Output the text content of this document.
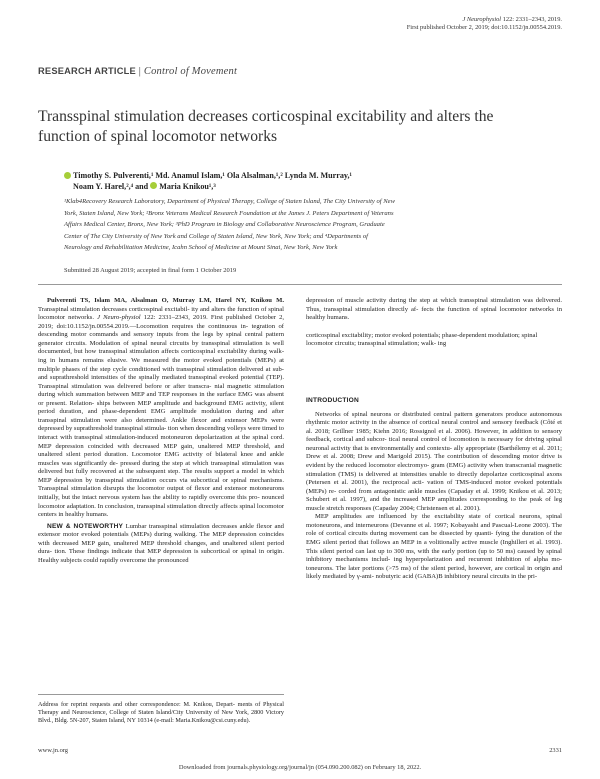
J Neurophysiol 122: 2331–2343, 2019.
First published October 2, 2019; doi:10.1152/jn.00554.2019.
RESEARCH ARTICLE | Control of Movement
Transspinal stimulation decreases corticospinal excitability and alters the function of spinal locomotor networks
Timothy S. Pulverenti,¹ Md. Anamul Islam,¹ Ola Alsalman,¹,² Lynda M. Murray,¹
Noam Y. Harel,²,⁴ and Maria Knikou¹,³
¹Klab4Recovery Research Laboratory, Department of Physical Therapy, College of Staten Island, The City University of New
York, Staten Island, New York; ²Bronx Veterans Medical Research Foundation at the James J. Peters Department of Veterans
Affairs Medical Center, Bronx, New York; ³PhD Program in Biology and Collaborative Neuroscience Program, Graduate
Center of The City University of New York and College of Staten Island, New York, New York; and ⁴Departments of
Neurology and Rehabilitation Medicine, Icahn School of Medicine at Mount Sinai, New York, New York
Submitted 28 August 2019; accepted in final form 1 October 2019

Pulverenti TS, Islam MA, Alsalman O, Murray LM, Harel NY, Knikou M. Transspinal stimulation decreases corticospinal excitabil- ity and alters the function of spinal locomotor networks. J Neuro-physiol 122: 2331–2343, 2019. First published October 2, 2019; doi:10.1152/jn.00554.2019.—Locomotion requires the continuous in- tegration of descending motor commands and sensory inputs from the legs by spinal central pattern generator circuits. Modulation of spinal neural circuits by transspinal stimulation is well documented, but how transspinal stimulation affects corticospinal excitability during walk- ing in humans remains elusive. We measured the motor evoked potentials (MEPs) at multiple phases of the step cycle conditioned with transspinal stimulation delivered at sub- and suprathreshold intensities of the spinally mediated transspinal evoked potential (TEP). Transspinal stimulation was delivered before or after transcra- nial magnetic stimulation during which summation between MEP and TEP responses in the surface EMG was absent or present. Relation- ships between MEP amplitude and background EMG activity, silent period duration, and phase-dependent EMG amplitude modulation during and after transspinal stimulation were also determined. Ankle flexor and extensor MEPs were depressed by suprathreshold transspinal stimula- tion when descending volleys were timed to interact with transspinal stimulation-induced motoneuron depolarization at the spinal cord. MEP depression coincided with decreased MEP gain, unaltered MEP threshold, and unaltered silent period duration. Locomotor EMG activity of bilateral knee and ankle muscles was significantly de- pressed during the step at which transspinal stimulation was delivered but fully recovered at the subsequent step. The results support a model in which MEP depression by transspinal stimulation occurs via subcortical or spinal mechanisms. Transspinal stimulation disrupts the locomotor output of flexor and extensor motoneurons initially, but the intact nervous system has the ability to rapidly overcome this pro- nounced locomotor adaptation. In conclusion, transspinal stimulation directly affects spinal locomotor centers in healthy humans.

NEW & NOTEWORTHY Lumbar transspinal stimulation decreases ankle flexor and extensor motor evoked potentials (MEPs) during walking. The MEP depression coincides with decreased MEP gain, unaltered MEP threshold changes, and unaltered silent period dura- tion. These findings indicate that MEP depression is subcortical or spinal in origin. Healthy subjects could rapidly overcome the pronounced

Address for reprint requests and other correspondence: M. Knikou, Depart- ments of Physical Therapy and Neuroscience, College of Staten Island/City University of New York, 2800 Victory Blvd., Bldg. 5N-207, Staten Island, NY 10314 (e-mail: Maria.Knikou@csi.cuny.edu).

depression of muscle activity during the step at which transspinal stimulation was delivered. Thus, transspinal stimulation directly af- fects the function of spinal locomotor networks in healthy humans.

corticospinal excitability; motor evoked potentials; phase-dependent modulation; spinal locomotor circuits; transspinal stimulation; walk- ing

INTRODUCTION

Networks of spinal neurons or distributed central pattern generators produce autonomous rhythmic motor activity in the absence of cortical neural control and sensory feedback (Côté et al. 2018; Grillner 1985; Kiehn 2016; Rossignol et al. 2006). However, in addition to sensory feedback, cortical and subcor- tical neural control of locomotion is necessary for driving spinal neuronal activity that is environmentally and contextu- ally appropriate (Barthélemy et al. 2011; Drew et al. 2008; Drew and Marigold 2015). The contribution of descending motor drive is evident by the reduced locomotor electromyo- gram (EMG) activity when transcranial magnetic stimulation (TMS) is delivered at intensities unable to directly depolarize corticospinal axons (Petersen et al. 2001), the reciprocal acti- vation of TMS-induced motor evoked potentials (MEPs) re- corded from antagonistic ankle muscles (Capaday et al. 1999; Knikou et al. 2013; Schubert et al. 1997), and the increased MEP amplitudes corresponding to the peak of leg muscle stretch responses (Capaday 2004; Christensen et al. 2001).

MEP amplitudes are influenced by the excitability state of cortical neurons, spinal motoneurons, and interneurons (Devanne et al. 1997; Kobayashi and Pascual-Leone 2003). The role of cortical circuits during movement can be dissected by quanti- fying the duration of the EMG silent period that follows an MEP in a volitionally active muscle (Inghilleri et al. 1993). This silent period can last up to 300 ms, with the early portion (up to 50 ms) caused by spinal inhibitory mechanisms includ- ing hyperpolarization and recurrent inhibition of alpha mo- toneurons. The later portions (>75 ms) of the silent period, however, are cortical in origin and likely mediated by γ-ami- nobutyric acid (GABA)B inhibitory neural circuits in the pri-

www.jn.org	2331
Downloaded from journals.physiology.org/journal/jn (054.090.200.082) on February 18, 2022.
